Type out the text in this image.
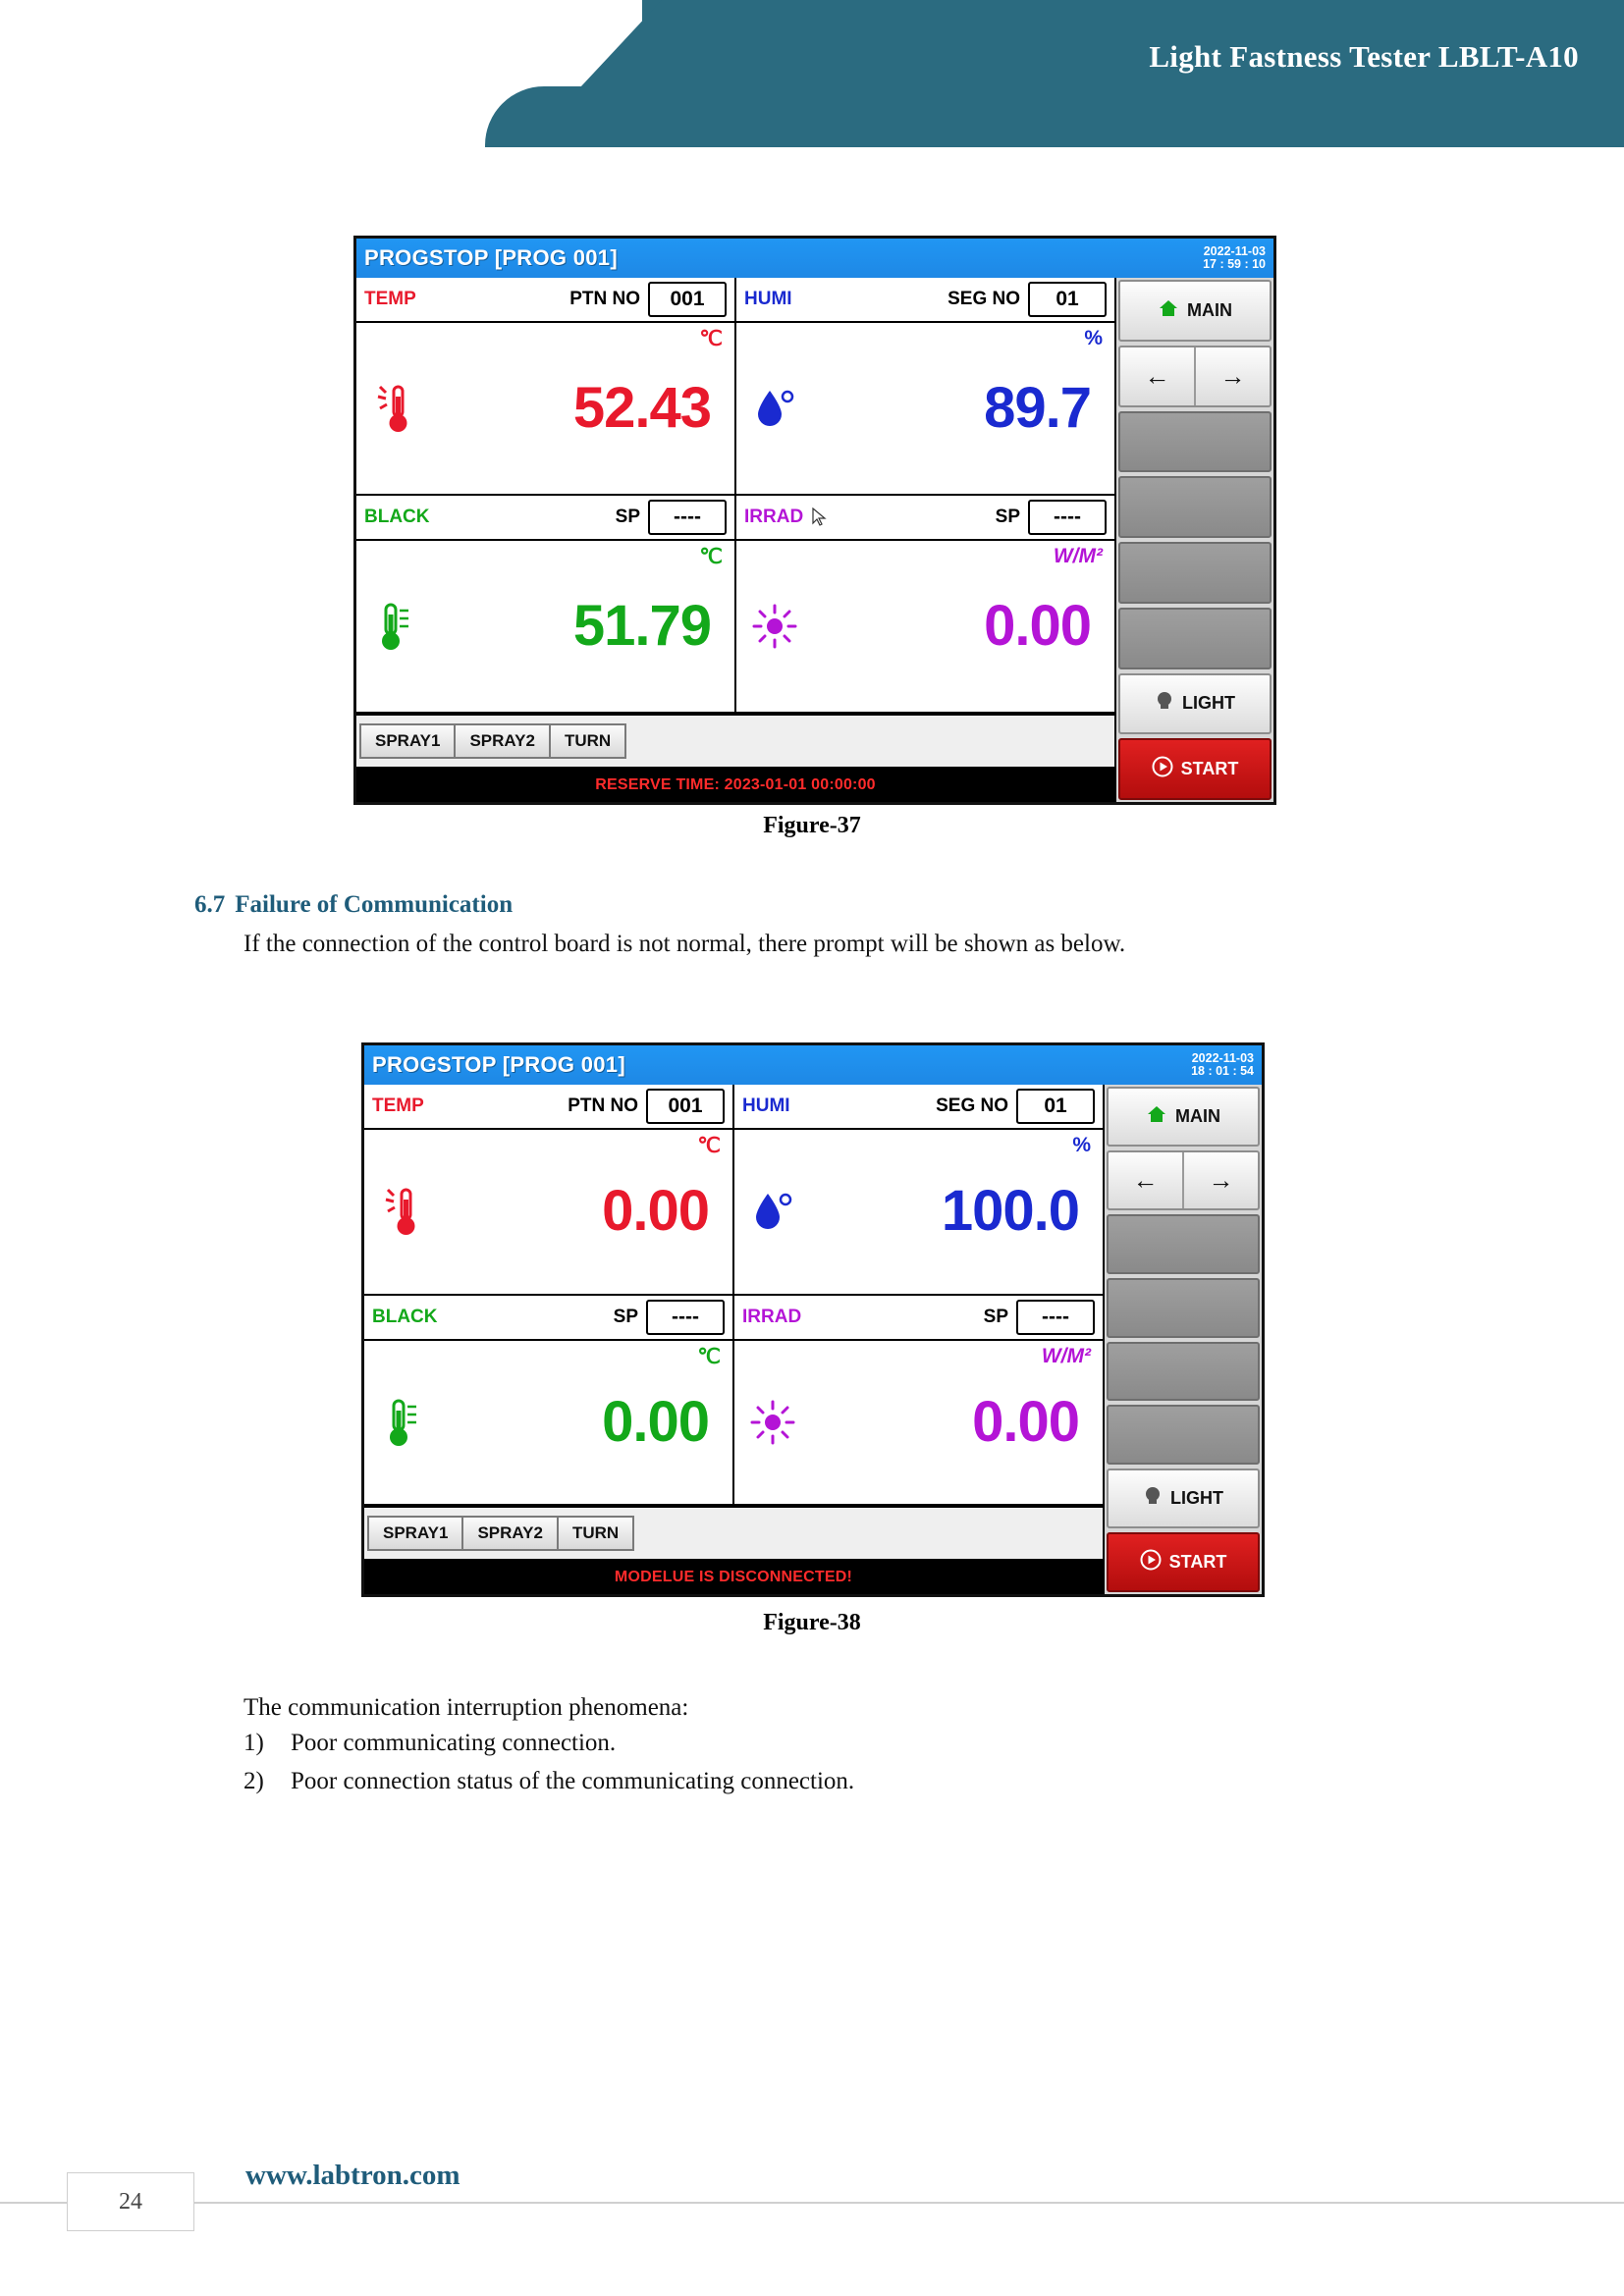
Light Fastness Tester LBLT-A10
PROGSTOP [PROG 001]	2022-11-03
17 : 59 : 10
TEMP	PTN NO	001
℃
52.43
HUMI	SEG NO	01
%
89.7
BLACK	SP	----
℃
51.79
IRRAD	SP	----
W/M²
0.00
SPRAY1	SPRAY2	TURN
RESERVE TIME: 2023-01-01 00:00:00
MAIN
←	→
LIGHT
START
Figure-37
6.7 Failure of Communication
If the connection of the control board is not normal, there prompt will be shown as below.
PROGSTOP [PROG 001]	2022-11-03
18 : 01 : 54
TEMP	PTN NO	001
℃
0.00
HUMI	SEG NO	01
%
100.0
BLACK	SP	----
℃
0.00
IRRAD	SP	----
W/M²
0.00
SPRAY1	SPRAY2	TURN
MODELUE IS DISCONNECTED!
MAIN
←	→
LIGHT
START
Figure-38
The communication interruption phenomena:
1) Poor communicating connection.
2) Poor connection status of the communicating connection.
24
www.labtron.com
